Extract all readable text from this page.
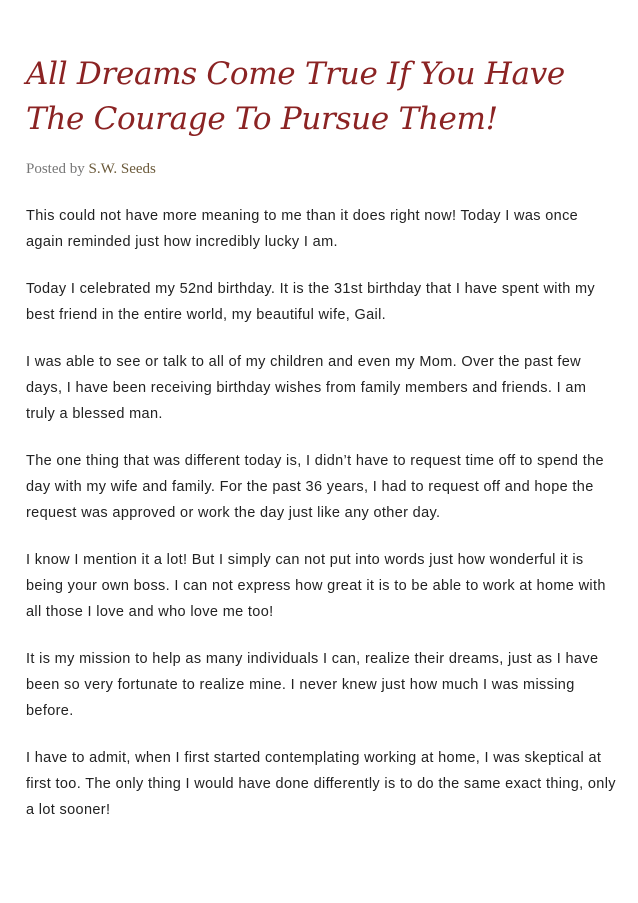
All Dreams Come True If You Have The Courage To Pursue Them!
Posted by S.W. Seeds

This could not have more meaning to me than it does right now! Today I was once again reminded just how incredibly lucky I am.

Today I celebrated my 52nd birthday. It is the 31st birthday that I have spent with my best friend in the entire world, my beautiful wife, Gail.

I was able to see or talk to all of my children and even my Mom. Over the past few days, I have been receiving birthday wishes from family members and friends. I am truly a blessed man.

The one thing that was different today is, I didn’t have to request time off to spend the day with my wife and family. For the past 36 years, I had to request off and hope the request was approved or work the day just like any other day.

I know I mention it a lot! But I simply can not put into words just how wonderful it is being your own boss. I can not express how great it is to be able to work at home with all those I love and who love me too!

It is my mission to help as many individuals I can, realize their dreams, just as I have been so very fortunate to realize mine. I never knew just how much I was missing before.

I have to admit, when I first started contemplating working at home, I was skeptical at first too. The only thing I would have done differently is to do the same exact thing, only a lot sooner!
